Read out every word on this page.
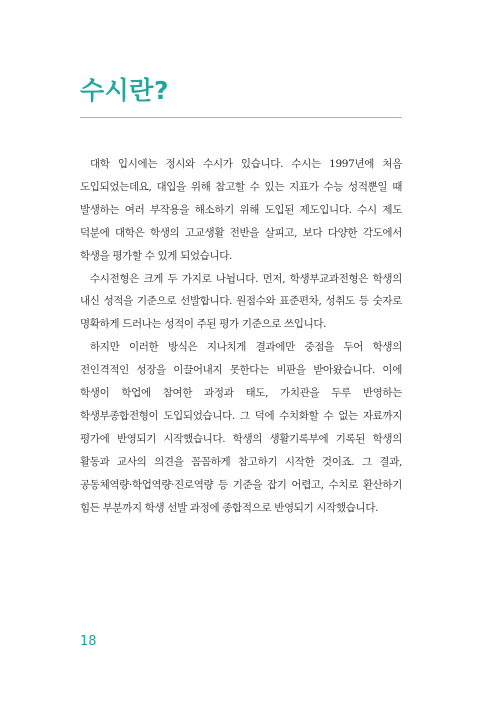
수시란?

대학 입시에는 정시와 수시가 있습니다. 수시는 1997년에 처음 도입되었는데요, 대입을 위해 참고할 수 있는 지표가 수능 성적뿐일 때 발생하는 여러 부작용을 해소하기 위해 도입된 제도입니다. 수시 제도 덕분에 대학은 학생의 고교생활 전반을 살피고, 보다 다양한 각도에서 학생을 평가할 수 있게 되었습니다.

수시전형은 크게 두 가지로 나뉩니다. 먼저, 학생부교과전형은 학생의 내신 성적을 기준으로 선발합니다. 원점수와 표준편차, 성취도 등 숫자로 명확하게 드러나는 성적이 주된 평가 기준으로 쓰입니다.

하지만 이러한 방식은 지나치게 결과에만 중점을 두어 학생의 전인격적인 성장을 이끌어내지 못한다는 비판을 받아왔습니다. 이에 학생이 학업에 참여한 과정과 태도, 가치관을 두루 반영하는 학생부종합전형이 도입되었습니다. 그 덕에 수치화할 수 없는 자료까지 평가에 반영되기 시작했습니다. 학생의 생활기록부에 기록된 학생의 활동과 교사의 의견을 꼼꼼하게 참고하기 시작한 것이죠. 그 결과, 공동체역량·학업역량·진로역량 등 기준을 잡기 어렵고, 수치로 환산하기 힘든 부분까지 학생 선발 과정에 종합적으로 반영되기 시작했습니다.

18
